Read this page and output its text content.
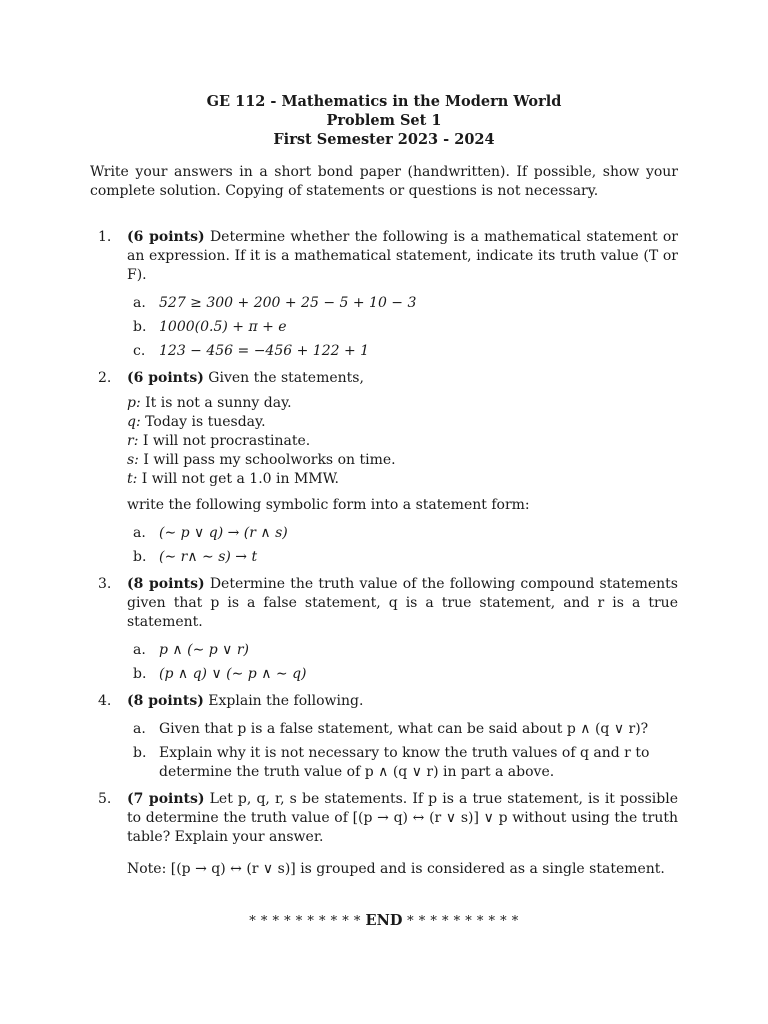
GE 112 - Mathematics in the Modern World
Problem Set 1
First Semester 2023 - 2024
Write your answers in a short bond paper (handwritten). If possible, show your complete solution. Copying of statements or questions is not necessary.
1. (6 points) Determine whether the following is a mathematical statement or an expression. If it is a mathematical statement, indicate its truth value (T or F).
a. 527 ≥ 300 + 200 + 25 − 5 + 10 − 3
b. 1000(0.5) + π + e
c. 123 − 456 = −456 + 122 + 1
2. (6 points) Given the statements,
p: It is not a sunny day.
q: Today is tuesday.
r: I will not procrastinate.
s: I will pass my schoolworks on time.
t: I will not get a 1.0 in MMW.
write the following symbolic form into a statement form:
a. (∼ p ∨ q) → (r ∧ s)
b. (∼ r∧ ∼ s) → t
3. (8 points) Determine the truth value of the following compound statements given that p is a false statement, q is a true statement, and r is a true statement.
a. p ∧ (∼ p ∨ r)
b. (p ∧ q) ∨ (∼ p ∧ ∼ q)
4. (8 points) Explain the following.
a. Given that p is a false statement, what can be said about p ∧ (q ∨ r)?
b. Explain why it is not necessary to know the truth values of q and r to determine the truth value of p ∧ (q ∨ r) in part a above.
5. (7 points) Let p, q, r, s be statements. If p is a true statement, is it possible to determine the truth value of [(p → q) ↔ (r ∨ s)] ∨ p without using the truth table? Explain your answer.
Note: [(p → q) ↔ (r ∨ s)] is grouped and is considered as a single statement.
* * * * * * * * * * END * * * * * * * * * *
